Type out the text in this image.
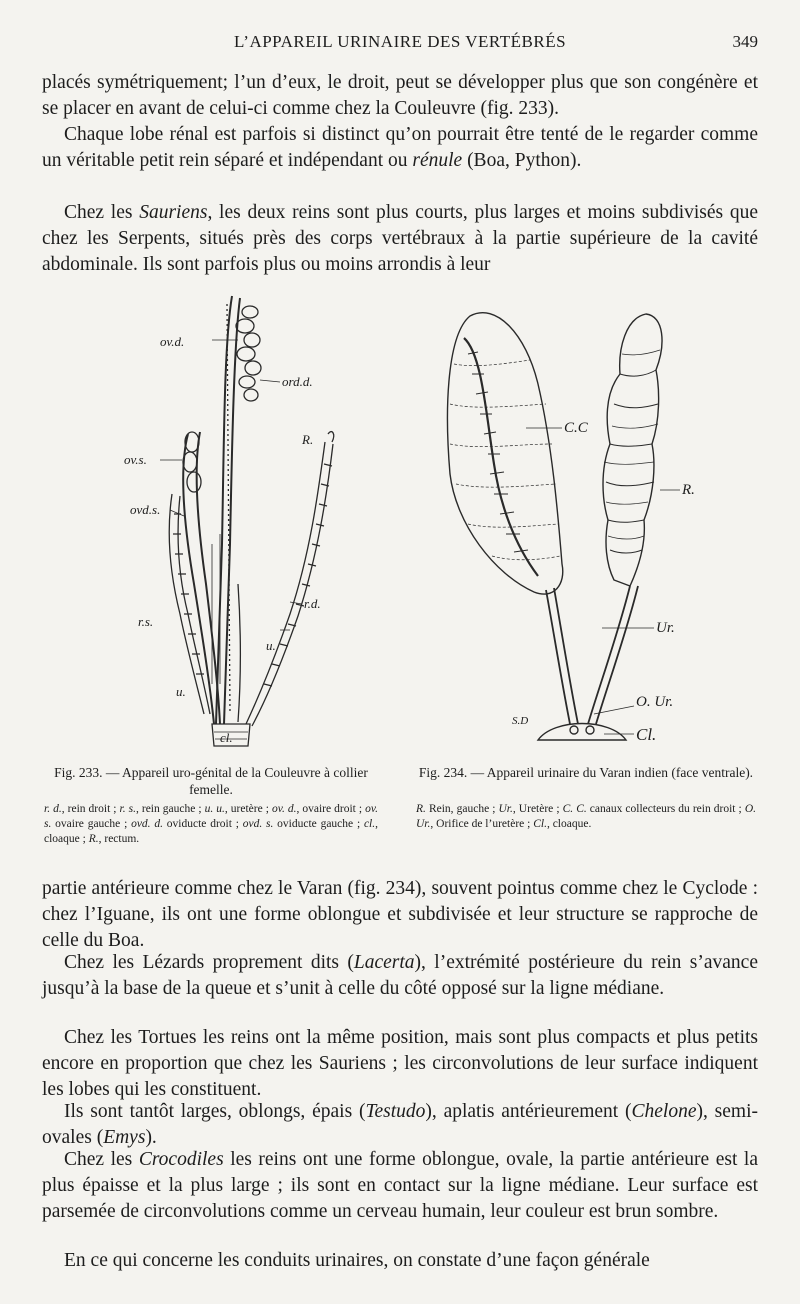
L’APPAREIL URINAIRE DES VERTÉBRÉS	349

placés symétriquement; l’un d’eux, le droit, peut se développer plus que son congénère et se placer en avant de celui-ci comme chez la Couleuvre (fig. 233).

Chaque lobe rénal est parfois si distinct qu’on pourrait être tenté de le regarder comme un véritable petit rein séparé et indépendant ou rénule (Boa, Python).

Chez les Sauriens, les deux reins sont plus courts, plus larges et moins subdivisés que chez les Serpents, situés près des corps vertébraux à la partie supérieure de la cavité abdominale. Ils sont parfois plus ou moins arrondis à leur

ov.d.
ord.d.
ov.s.
ovd.s.
R.
r.d.
r.s.
u.
u.
cl.
C.C
R.
Ur.
O. Ur.
Cl.
S.D
Fig. 233. — Appareil uro-génital de la Couleuvre à collier femelle.
r. d., rein droit ; r. s., rein gauche ; u. u., uretère ; ov. d., ovaire droit ; ov. s. ovaire gauche ; ovd. d. oviducte droit ; ovd. s. oviducte gauche ; cl., cloaque ; R., rectum.
Fig. 234. — Appareil urinaire du Varan indien (face ventrale).
R. Rein, gauche ; Ur., Uretère ; C. C. canaux collecteurs du rein droit ; O. Ur., Orifice de l’uretère ; Cl., cloaque.

partie antérieure comme chez le Varan (fig. 234), souvent pointus comme chez le Cyclode : chez l’Iguane, ils ont une forme oblongue et subdivisée et leur structure se rapproche de celle du Boa.

Chez les Lézards proprement dits (Lacerta), l’extrémité postérieure du rein s’avance jusqu’à la base de la queue et s’unit à celle du côté opposé sur la ligne médiane.

Chez les Tortues les reins ont la même position, mais sont plus compacts et plus petits encore en proportion que chez les Sauriens ; les circonvolutions de leur surface indiquent les lobes qui les constituent.

Ils sont tantôt larges, oblongs, épais (Testudo), aplatis antérieurement (Chelone), semi-ovales (Emys).

Chez les Crocodiles les reins ont une forme oblongue, ovale, la partie antérieure est la plus épaisse et la plus large ; ils sont en contact sur la ligne médiane. Leur surface est parsemée de circonvolutions comme un cerveau humain, leur couleur est brun sombre.

En ce qui concerne les conduits urinaires, on constate d’une façon générale
